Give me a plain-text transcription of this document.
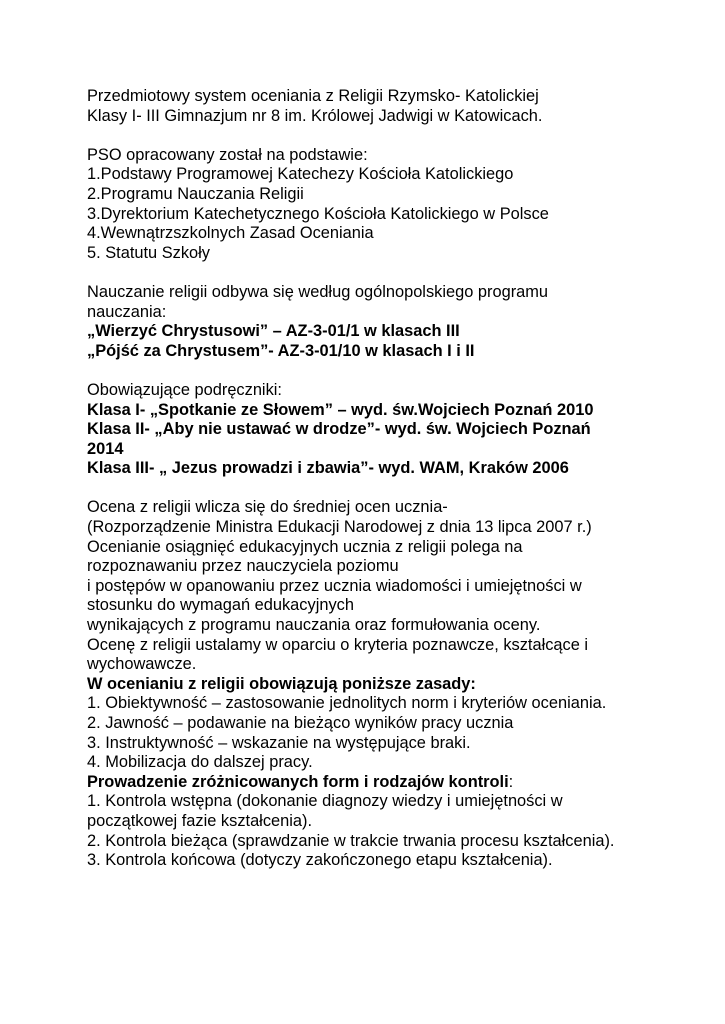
Przedmiotowy system oceniania z Religii Rzymsko- Katolickiej

Klasy I- III Gimnazjum nr 8 im. Królowej Jadwigi w Katowicach.

PSO opracowany został na podstawie:

1.Podstawy Programowej Katechezy Kościoła Katolickiego

2.Programu Nauczania Religii

3.Dyrektorium Katechetycznego Kościoła Katolickiego w Polsce

4.Wewnątrzszkolnych Zasad Oceniania

5. Statutu Szkoły

Nauczanie religii odbywa się według ogólnopolskiego programu

nauczania:

„Wierzyć Chrystusowi” – AZ-3-01/1 w klasach III

„Pójść za Chrystusem”- AZ-3-01/10 w klasach I i II

Obowiązujące podręczniki:

Klasa I- „Spotkanie ze Słowem” – wyd. św.Wojciech Poznań 2010

Klasa II- „Aby nie ustawać w drodze”- wyd. św. Wojciech Poznań

2014

Klasa III- „ Jezus prowadzi i zbawia”- wyd. WAM, Kraków 2006

Ocena z religii wlicza się do średniej ocen ucznia-

(Rozporządzenie Ministra Edukacji Narodowej z dnia 13 lipca 2007 r.)

Ocenianie osiągnięć edukacyjnych ucznia z religii polega na

rozpoznawaniu przez nauczyciela poziomu

i postępów w opanowaniu przez ucznia wiadomości i umiejętności w

stosunku do wymagań edukacyjnych

wynikających z programu nauczania oraz formułowania oceny.

Ocenę z religii ustalamy w oparciu o kryteria poznawcze, kształcące i

wychowawcze.

W ocenianiu z religii obowiązują poniższe zasady:

1. Obiektywność – zastosowanie jednolitych norm i kryteriów oceniania.

2. Jawność – podawanie na bieżąco wyników pracy ucznia

3. Instruktywność – wskazanie na występujące braki.

4. Mobilizacja do dalszej pracy.

Prowadzenie zróżnicowanych form i rodzajów kontroli:

1. Kontrola wstępna (dokonanie diagnozy wiedzy i umiejętności w

początkowej fazie kształcenia).

2. Kontrola bieżąca (sprawdzanie w trakcie trwania procesu kształcenia).

3. Kontrola końcowa (dotyczy zakończonego etapu kształcenia).
